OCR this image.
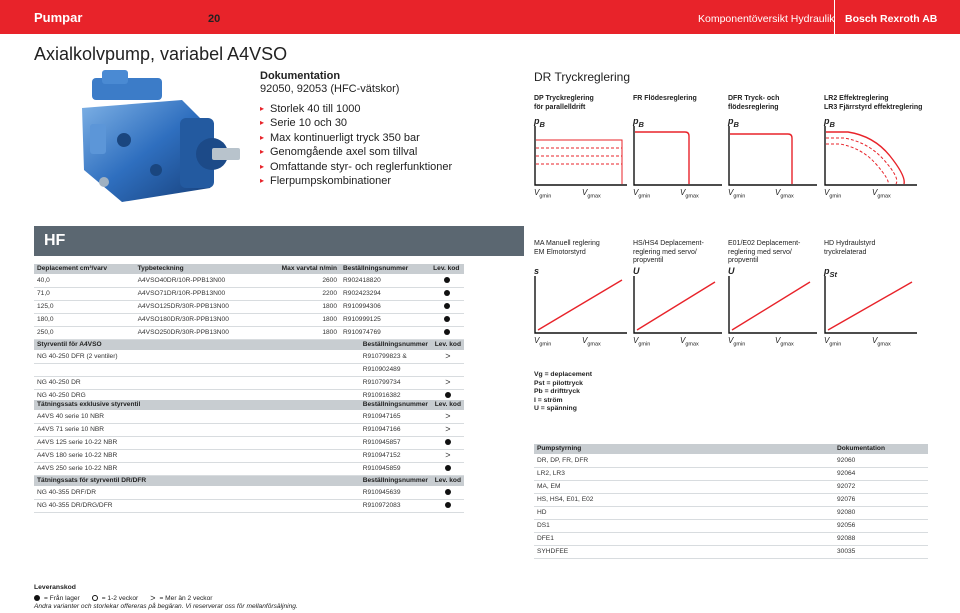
Pumpar	20	Komponentöversikt Hydraulik Bosch Rexroth AB
Axialkolvpump, variabel A4VSO
Dokumentation
92050, 92053 (HFC-vätskor)
▸ Storlek 40 till 1000
▸ Serie 10 och 30
▸ Max kontinuerligt tryck 350 bar
▸ Genomgående axel som tillval
▸ Omfattande styr- och reglerfunktioner
▸ Flerpumpskombinationer
DR Tryckreglering
DP Tryckreglering
för parallelldrift
FR Flödesreglering	DFR Tryck- och
flödesreglering
LR2 Effektreglering
LR3 Fjärrstyrd effektreglering
$p_B$	$p_B$	$p_B$	$p_B$
$V_{gmin}$	$V_{gmax}$	$V_{gmin}$	$V_{gmax}$	$V_{gmin}$	$V_{gmax}$	$V_{gmin}$	$V_{gmax}$
HF
Deplacement cm³/varv	Typbeteckning	Max varvtal n/min	Beställningsnummer	Lev. kod
40,0	A4VSO40DR/10R-PPB13N00	2600	R902418820	
71,0	A4VSO71DR/10R-PPB13N00	2200	R902423294	
125,0	A4VSO125DR/30R-PPB13N00	1800	R910994306	
180,0	A4VSO180DR/30R-PPB13N00	1800	R910999125	
250,0	A4VSO250DR/30R-PPB13N00	1800	R910974769	
Styrventil för A4VSO	Beställningsnummer	Lev. kod
NG 40-250 DFR (2 ventiler)	R910799823 &	>
	R910902489	
NG 40-250 DR	R910799734	>
NG 40-250 DRG	R910916382	
Tätningssats exklusive styrventil	Beställningsnummer	Lev. kod
A4VS 40 serie 10 NBR	R910947165	>
A4VS 71 serie 10 NBR	R910947166	>
A4VS 125 serie 10-22 NBR	R910945857	
A4VS 180 serie 10-22 NBR	R910947152	>
A4VS 250 serie 10-22 NBR	R910945859	
Tätningssats för styrventil DR/DFR	Beställningsnummer	Lev. kod
NG 40-355 DRF/DR	R910945639	
NG 40-355 DR/DRG/DFR	R910972083	
MA Manuell reglering
EM Elmotorstyrd

HS/HS4 Deplacement-
reglering med servo/
propventil
E01/E02 Deplacement-
reglering med servo/
propventil
HD Hydraulstyrd
tryckrelaterad

s	U	U	$p_{St}$
$V_{gmin}$	$V_{gmax}$	$V_{gmin}$	$V_{gmax}$	$V_{gmin}$	$V_{gmax}$	$V_{gmin}$	$V_{gmax}$
Vg = deplacement
Pst = pilottryck
Pb = drifttryck
I = ström
U = spänning
Pumpstyrning	Dokumentation
DR, DP, FR, DFR	92060
LR2, LR3	92064
MA, EM	92072
HS, HS4, E01, E02	92076
HD	92080
DS1	92056
DFE1	92088
SYHDFEE	30035
Leveranskod
= Från lager	= 1-2 veckor > = Mer än 2 veckor
Andra varianter och storlekar offereras på begäran. Vi reserverar oss för mellanförsäljning.
